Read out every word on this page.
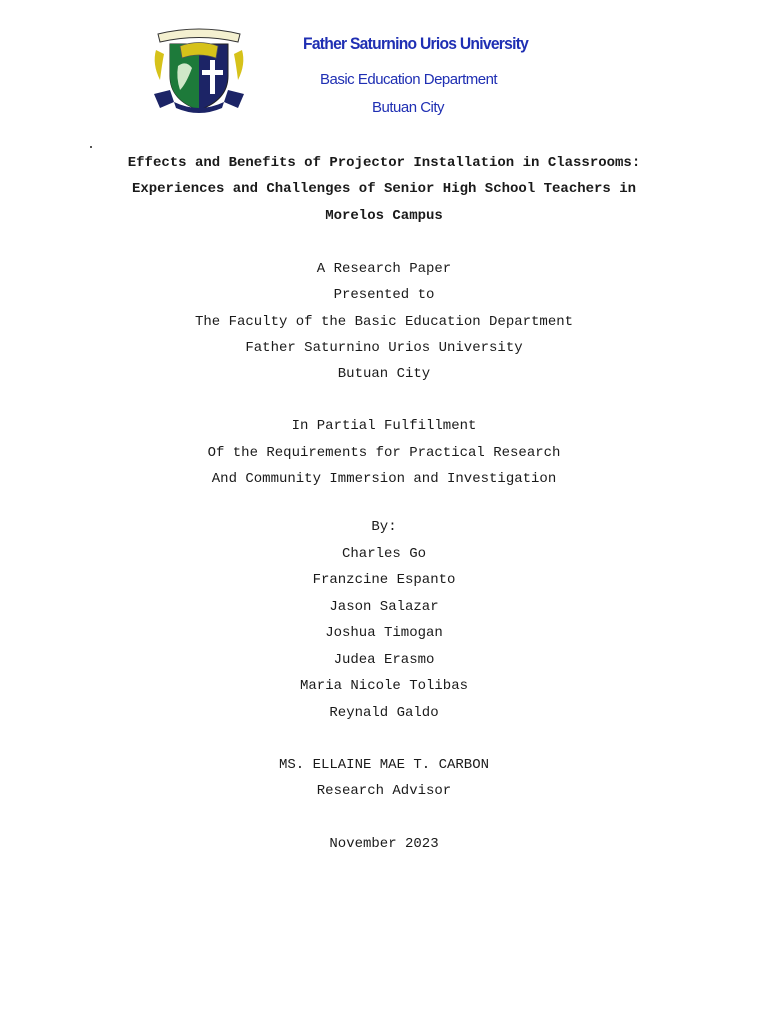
Father Saturnino Urios University
Basic Education Department
Butuan City
Effects and Benefits of Projector Installation in Classrooms:
Experiences and Challenges of Senior High School Teachers in
Morelos Campus
A Research Paper
Presented to
The Faculty of the Basic Education Department
Father Saturnino Urios University
Butuan City
In Partial Fulfillment
Of the Requirements for Practical Research
And Community Immersion and Investigation
By:
Charles Go
Franzcine Espanto
Jason Salazar
Joshua Timogan
Judea Erasmo
Maria Nicole Tolibas
Reynald Galdo
MS. ELLAINE MAE T. CARBON
Research Advisor
November 2023
